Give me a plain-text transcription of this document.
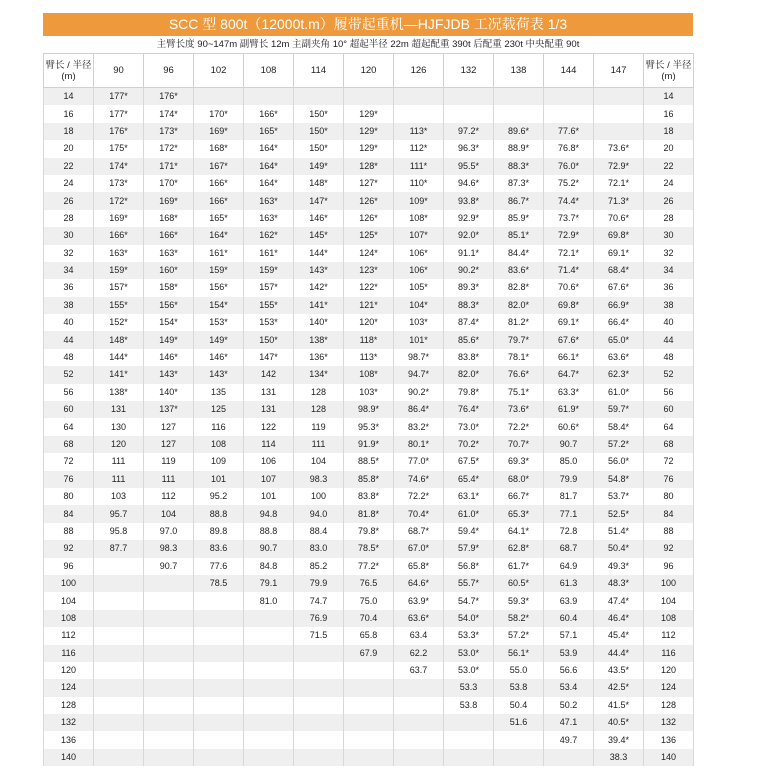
SCC 型 800t（12000t.m）履带起重机—HJFJDB 工况载荷表 1/3
主臂长度 90~147m 副臂长 12m 主副夹角 10° 超起半径 22m 超起配重 390t 后配重 230t 中央配重 90t
臂长 / 半径
(m)	90	96	102	108	114	120	126	132	138	144	147	臂长 / 半径
(m)
14	177*	176*										14
16	177*	174*	170*	166*	150*	129*						16
18	176*	173*	169*	165*	150*	129*	113*	97.2*	89.6*	77.6*		18
20	175*	172*	168*	164*	150*	129*	112*	96.3*	88.9*	76.8*	73.6*	20
22	174*	171*	167*	164*	149*	128*	111*	95.5*	88.3*	76.0*	72.9*	22
24	173*	170*	166*	164*	148*	127*	110*	94.6*	87.3*	75.2*	72.1*	24
26	172*	169*	166*	163*	147*	126*	109*	93.8*	86.7*	74.4*	71.3*	26
28	169*	168*	165*	163*	146*	126*	108*	92.9*	85.9*	73.7*	70.6*	28
30	166*	166*	164*	162*	145*	125*	107*	92.0*	85.1*	72.9*	69.8*	30
32	163*	163*	161*	161*	144*	124*	106*	91.1*	84.4*	72.1*	69.1*	32
34	159*	160*	159*	159*	143*	123*	106*	90.2*	83.6*	71.4*	68.4*	34
36	157*	158*	156*	157*	142*	122*	105*	89.3*	82.8*	70.6*	67.6*	36
38	155*	156*	154*	155*	141*	121*	104*	88.3*	82.0*	69.8*	66.9*	38
40	152*	154*	153*	153*	140*	120*	103*	87.4*	81.2*	69.1*	66.4*	40
44	148*	149*	149*	150*	138*	118*	101*	85.6*	79.7*	67.6*	65.0*	44
48	144*	146*	146*	147*	136*	113*	98.7*	83.8*	78.1*	66.1*	63.6*	48
52	141*	143*	143*	142	134*	108*	94.7*	82.0*	76.6*	64.7*	62.3*	52
56	138*	140*	135	131	128	103*	90.2*	79.8*	75.1*	63.3*	61.0*	56
60	131	137*	125	131	128	98.9*	86.4*	76.4*	73.6*	61.9*	59.7*	60
64	130	127	116	122	119	95.3*	83.2*	73.0*	72.2*	60.6*	58.4*	64
68	120	127	108	114	111	91.9*	80.1*	70.2*	70.7*	90.7	57.2*	68
72	111	119	109	106	104	88.5*	77.0*	67.5*	69.3*	85.0	56.0*	72
76	111	111	101	107	98.3	85.8*	74.6*	65.4*	68.0*	79.9	54.8*	76
80	103	112	95.2	101	100	83.8*	72.2*	63.1*	66.7*	81.7	53.7*	80
84	95.7	104	88.8	94.8	94.0	81.8*	70.4*	61.0*	65.3*	77.1	52.5*	84
88	95.8	97.0	89.8	88.8	88.4	79.8*	68.7*	59.4*	64.1*	72.8	51.4*	88
92	87.7	98.3	83.6	90.7	83.0	78.5*	67.0*	57.9*	62.8*	68.7	50.4*	92
96		90.7	77.6	84.8	85.2	77.2*	65.8*	56.8*	61.7*	64.9	49.3*	96
100			78.5	79.1	79.9	76.5	64.6*	55.7*	60.5*	61.3	48.3*	100
104				81.0	74.7	75.0	63.9*	54.7*	59.3*	63.9	47.4*	104
108					76.9	70.4	63.6*	54.0*	58.2*	60.4	46.4*	108
112					71.5	65.8	63.4	53.3*	57.2*	57.1	45.4*	112
116						67.9	62.2	53.0*	56.1*	53.9	44.4*	116
120							63.7	53.0*	55.0	56.6	43.5*	120
124								53.3	53.8	53.4	42.5*	124
128								53.8	50.4	50.2	41.5*	128
132									51.6	47.1	40.5*	132
136										49.7	39.4*	136
140											38.3	140
